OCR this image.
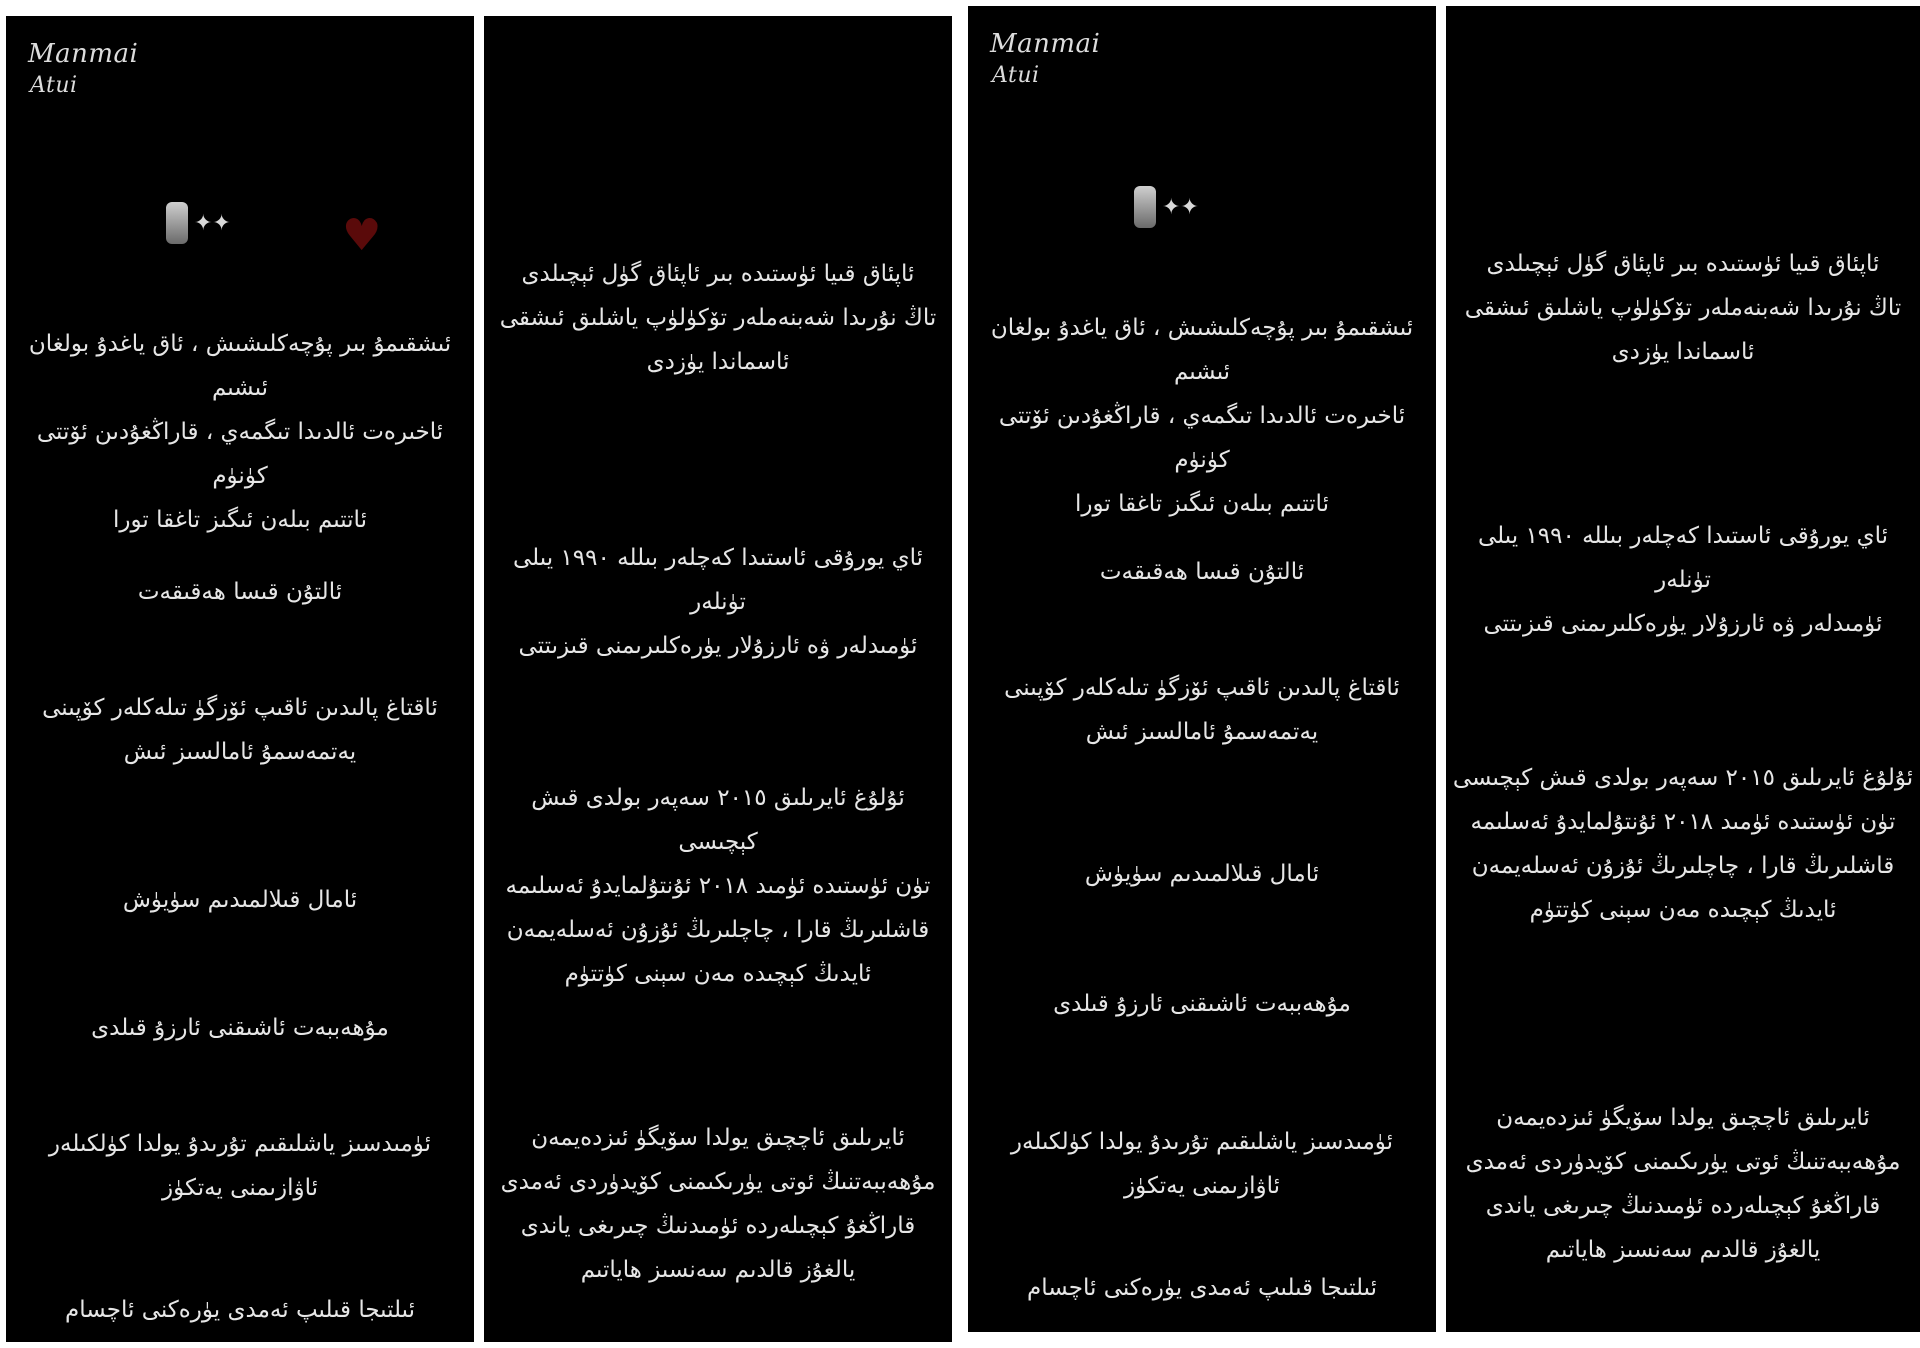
Manmai
Atui
✦✦	♥
ئىشقىمۇ بىر پۇچەكلىشىش ، ئاق ياغدۇ بولغان ئىشىم
ئاخىرەت ئالدىدا تىگمەي ، قاراڭغۇدىن ئۆتتى كۈنۈم
ئاتتىم بىلەن ئىگىز تاغقا تورا
ئالتۇن قىسا ھەقىقەت
ئاقتاغ پالىدىن ئاقىپ ئۆزگۈ تىلەكلەر كۆپىنى يەتمەسمۇ ئامالسىز ئىش
ئامال قىلالمىدىم سۈيۈش
مۇھەببەت ئاشىقنى ئارزۇ قىلدى
ئۈمىدسىز ياشلىقىم تۇرىدۇ يولدا كۈلكىلەر
ئاۋازىمنى يەتكۈز
ئىلتىجا قىلىپ ئەمدى يۈرەكنى ئاچسام
ئاپئاق قىيا ئۈستىدە بىر ئاپئاق گۈل ئېچىلدى
تاڭ نۇرىدا شەبنەملەر تۆكۈلۈپ ياشلىق ئىشقى
ئاسماندا يۈزدى
ئاي يورۇقى ئاستىدا كەچلەر بىللە ١٩٩٠ يىلى تۈنلەر
ئۈمىدلەر ۋە ئارزۇلار يۈرەكلىرىمنى قىزىتتى
ئۇلۇغ ئايرىلىق ٢٠١٥ سەپەر بولدى قىش كېچىسى
تۈن ئۈستىدە ئۈمىد ٢٠١٨ ئۇنتۇلمايدۇ ئەسلىمە
قاشلىرىڭ قارا ، چاچلىرىڭ ئۇزۇن ئەسلەيمەن
ئايدىڭ كېچىدە مەن سېنى كۈتتۈم
ئايرىلىق ئاچچىق يولدا سۆيگۈ ئىزدەيمەن
مۇھەببەتنىڭ ئوتى يۈرىكىمنى كۆيدۈردى ئەمدى
قاراڭغۇ كېچىلەردە ئۈمىدنىڭ چىرىغى ياندى
يالغۇز قالدىم سەنسىز ھاياتىم
Manmai
Atui
✦✦
ئىشقىمۇ بىر پۇچەكلىشىش ، ئاق ياغدۇ بولغان ئىشىم
ئاخىرەت ئالدىدا تىگمەي ، قاراڭغۇدىن ئۆتتى كۈنۈم
ئاتتىم بىلەن ئىگىز تاغقا تورا
ئالتۇن قىسا ھەقىقەت
ئاقتاغ پالىدىن ئاقىپ ئۆزگۈ تىلەكلەر كۆپىنى
يەتمەسمۇ ئامالسىز ئىش
ئامال قىلالمىدىم سۈيۈش
مۇھەببەت ئاشىقنى ئارزۇ قىلدى
ئۈمىدسىز ياشلىقىم تۇرىدۇ يولدا كۈلكىلەر
ئاۋازىمنى يەتكۈز
ئىلتىجا قىلىپ ئەمدى يۈرەكنى ئاچسام
ئاپئاق قىيا ئۈستىدە بىر ئاپئاق گۈل ئېچىلدى
تاڭ نۇرىدا شەبنەملەر تۆكۈلۈپ ياشلىق ئىشقى
ئاسماندا يۈزدى
ئاي يورۇقى ئاستىدا كەچلەر بىللە ١٩٩٠ يىلى تۈنلەر
ئۈمىدلەر ۋە ئارزۇلار يۈرەكلىرىمنى قىزىتتى
ئۇلۇغ ئايرىلىق ٢٠١٥ سەپەر بولدى قىش كېچىسى
تۈن ئۈستىدە ئۈمىد ٢٠١٨ ئۇنتۇلمايدۇ ئەسلىمە
قاشلىرىڭ قارا ، چاچلىرىڭ ئۇزۇن ئەسلەيمەن
ئايدىڭ كېچىدە مەن سېنى كۈتتۈم
ئايرىلىق ئاچچىق يولدا سۆيگۈ ئىزدەيمەن
مۇھەببەتنىڭ ئوتى يۈرىكىمنى كۆيدۈردى ئەمدى
قاراڭغۇ كېچىلەردە ئۈمىدنىڭ چىرىغى ياندى
يالغۇز قالدىم سەنسىز ھاياتىم
